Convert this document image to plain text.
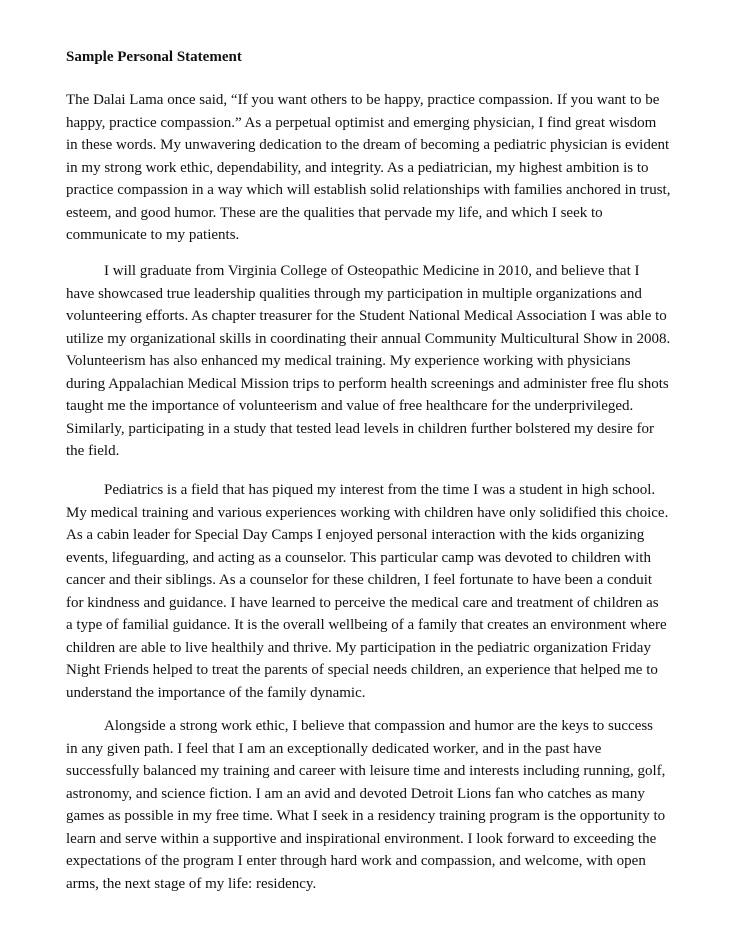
Sample Personal Statement
The Dalai Lama once said, “If you want others to be happy, practice compassion. If you want to be
happy, practice compassion.” As a perpetual optimist and emerging physician, I find great wisdom
in these words. My unwavering dedication to the dream of becoming a pediatric physician is evident
in my strong work ethic, dependability, and integrity. As a pediatrician, my highest ambition is to
practice compassion in a way which will establish solid relationships with families anchored in trust,
esteem, and good humor. These are the qualities that pervade my life, and which I seek to
communicate to my patients.
I will graduate from Virginia College of Osteopathic Medicine in 2010, and believe that I
have showcased true leadership qualities through my participation in multiple organizations and
volunteering efforts. As chapter treasurer for the Student National Medical Association I was able to
utilize my organizational skills in coordinating their annual Community Multicultural Show in 2008.
Volunteerism has also enhanced my medical training. My experience working with physicians
during Appalachian Medical Mission trips to perform health screenings and administer free flu shots
taught me the importance of volunteerism and value of free healthcare for the underprivileged.
Similarly, participating in a study that tested lead levels in children further bolstered my desire for
the field.
Pediatrics is a field that has piqued my interest from the time I was a student in high school.
My medical training and various experiences working with children have only solidified this choice.
As a cabin leader for Special Day Camps I enjoyed personal interaction with the kids organizing
events, lifeguarding, and acting as a counselor. This particular camp was devoted to children with
cancer and their siblings. As a counselor for these children, I feel fortunate to have been a conduit
for kindness and guidance. I have learned to perceive the medical care and treatment of children as
a type of familial guidance. It is the overall wellbeing of a family that creates an environment where
children are able to live healthily and thrive. My participation in the pediatric organization Friday
Night Friends helped to treat the parents of special needs children, an experience that helped me to
understand the importance of the family dynamic.
Alongside a strong work ethic, I believe that compassion and humor are the keys to success
in any given path. I feel that I am an exceptionally dedicated worker, and in the past have
successfully balanced my training and career with leisure time and interests including running, golf,
astronomy, and science fiction. I am an avid and devoted Detroit Lions fan who catches as many
games as possible in my free time. What I seek in a residency training program is the opportunity to
learn and serve within a supportive and inspirational environment. I look forward to exceeding the
expectations of the program I enter through hard work and compassion, and welcome, with open
arms, the next stage of my life: residency.
